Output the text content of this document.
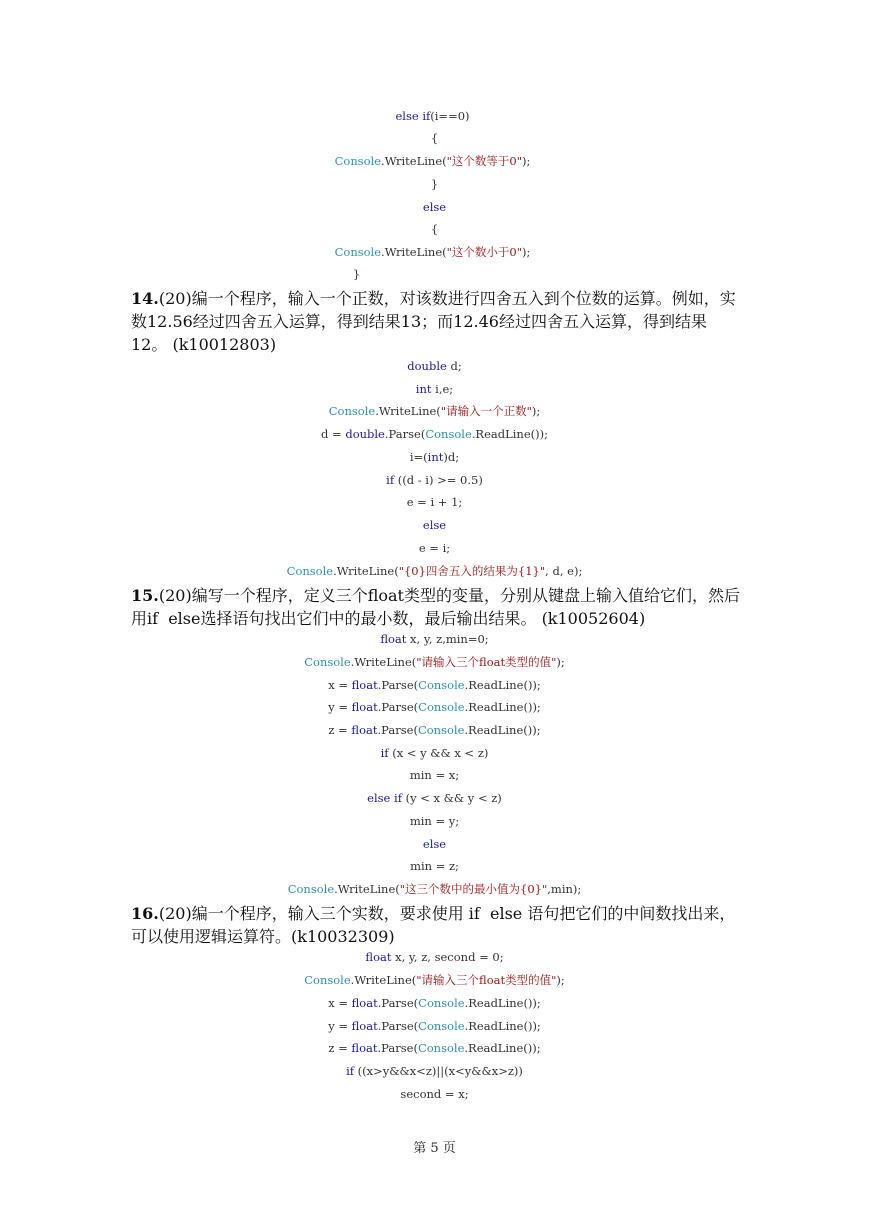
else if(i==0)
{
Console.WriteLine("这个数等于0");
}
else
{
Console.WriteLine("这个数小于0");
}
14.(20)编一个程序，输入一个正数，对该数进行四舍五入到个位数的运算。例如，实数12.56经过四舍五入运算，得到结果13；而12.46经过四舍五入运算，得到结果12。 (k10012803)
double d;
int i,e;
Console.WriteLine("请输入一个正数");
d = double.Parse(Console.ReadLine());
i=(int)d;
if ((d - i) >= 0.5)
e = i + 1;
else
e = i;
Console.WriteLine("{0}四舍五入的结果为{1}", d, e);
15.(20)编写一个程序，定义三个float类型的变量，分别从键盘上输入值给它们，然后用if  else选择语句找出它们中的最小数，最后输出结果。 (k10052604)
float x, y, z,min=0;
Console.WriteLine("请输入三个float类型的值");
x = float.Parse(Console.ReadLine());
y = float.Parse(Console.ReadLine());
z = float.Parse(Console.ReadLine());
if (x < y && x < z)
min = x;
else if (y < x && y < z)
min = y;
else
min = z;
Console.WriteLine("这三个数中的最小值为{0}",min);
16.(20)编一个程序，输入三个实数，要求使用 if  else 语句把它们的中间数找出来，可以使用逻辑运算符。(k10032309)
float x, y, z, second = 0;
Console.WriteLine("请输入三个float类型的值");
x = float.Parse(Console.ReadLine());
y = float.Parse(Console.ReadLine());
z = float.Parse(Console.ReadLine());
if ((x>y&&x<z)||(x<y&&x>z))
second = x;
第 5 页
